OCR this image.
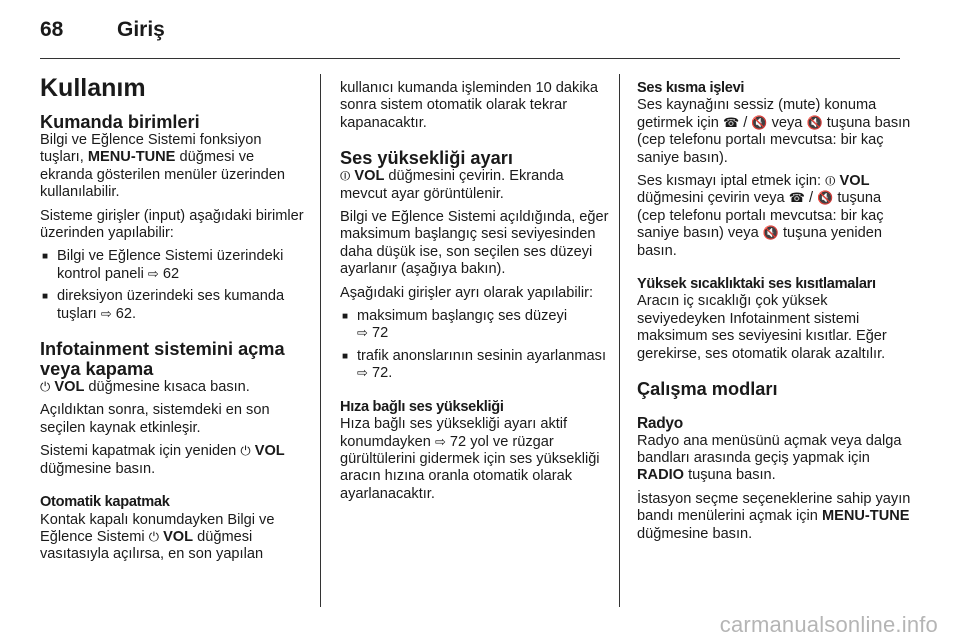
68	Giriş
Kullanım
Kumanda birimleri

Bilgi ve Eğlence Sistemi fonksiyon tuşları, MENU-TUNE düğmesi ve ekranda gösterilen menüler üzerinden kullanılabilir.

Sisteme girişler (input) aşağıdaki birimler üzerinden yapılabilir:

■ Bilgi ve Eğlence Sistemi üzerindeki kontrol paneli ⇨ 62
■ direksiyon üzerindeki ses kumanda tuşları ⇨ 62.
Infotainment sistemini açma veya kapama

⏻ VOL düğmesine kısaca basın.

Açıldıktan sonra, sistemdeki en son seçilen kaynak etkinleşir.

Sistemi kapatmak için yeniden ⏻ VOL düğmesine basın.

Otomatik kapatmak

Kontak kapalı konumdayken Bilgi ve Eğlence Sistemi ⏻ VOL düğmesi vasıtasıyla açılırsa, en son yapılan

kullanıcı kumanda işleminden 10 dakika sonra sistem otomatik olarak tekrar kapanacaktır.

Ses yüksekliği ayarı

⏼ VOL düğmesini çevirin. Ekranda mevcut ayar görüntülenir.

Bilgi ve Eğlence Sistemi açıldığında, eğer maksimum başlangıç sesi seviyesinden daha düşük ise, son seçilen ses düzeyi ayarlanır (aşağıya bakın).

Aşağıdaki girişler ayrı olarak yapılabilir:

■ maksimum başlangıç ses düzeyi
⇨ 72
■ trafik anonslarının sesinin ayarlanması ⇨ 72.
Hıza bağlı ses yüksekliği

Hıza bağlı ses yüksekliği ayarı aktif konumdayken ⇨ 72 yol ve rüzgar gürültülerini gidermek için ses yüksekliği aracın hızına oranla otomatik olarak ayarlanacaktır.

Ses kısma işlevi

Ses kaynağını sessiz (mute) konuma getirmek için ☎ / 🔇 veya 🔇 tuşuna basın (cep telefonu portalı mevcutsa: bir kaç saniye basın).

Ses kısmayı iptal etmek için: ⏼ VOL düğmesini çevirin veya ☎ / 🔇 tuşuna (cep telefonu portalı mevcutsa: bir kaç saniye basın) veya 🔇 tuşuna yeniden basın.

Yüksek sıcaklıktaki ses kısıtlamaları

Aracın iç sıcaklığı çok yüksek seviyedeyken Infotainment sistemi maksimum ses seviyesini kısıtlar. Eğer gerekirse, ses otomatik olarak azaltılır.

Çalışma modları
Radyo

Radyo ana menüsünü açmak veya dalga bandları arasında geçiş yapmak için RADIO tuşuna basın.

İstasyon seçme seçeneklerine sahip yayın bandı menülerini açmak için MENU-TUNE düğmesine basın.

carmanualsonline.info
